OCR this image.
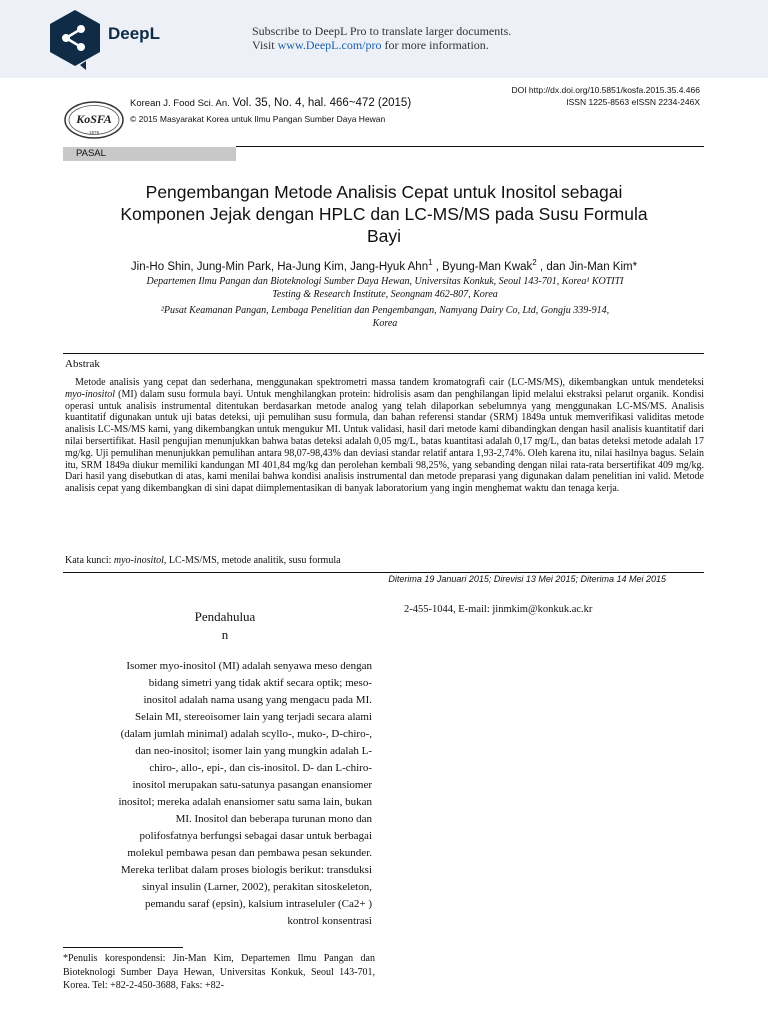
DeepL	Subscribe to DeepL Pro to translate larger documents.
Visit www.DeepL.com/pro for more information.
DOI http://dx.doi.org/10.5851/kosfa.2015.35.4.466
ISSN 1225-8563 eISSN 2234-246X
KoSFA
1978
Korean J. Food Sci. An. Vol. 35, No. 4, hal. 466~472 (2015)
© 2015 Masyarakat Korea untuk Ilmu Pangan Sumber Daya Hewan
PASAL
Pengembangan Metode Analisis Cepat untuk Inositol sebagai
Komponen Jejak dengan HPLC dan LC-MS/MS pada Susu Formula
Bayi
Jin-Ho Shin, Jung-Min Park, Ha-Jung Kim, Jang-Hyuk Ahn$^1$ , Byung-Man Kwak$^2$ , dan Jin-Man Kim*
Departemen Ilmu Pangan dan Bioteknologi Sumber Daya Hewan, Universitas Konkuk, Seoul 143-701, Korea¹ KOTITI
Testing & Research Institute, Seongnam 462-807, Korea
²Pusat Keamanan Pangan, Lembaga Penelitian dan Pengembangan, Namyang Dairy Co, Ltd, Gongju 339-914,
Korea
Abstrak
Metode analisis yang cepat dan sederhana, menggunakan spektrometri massa tandem kromatografi cair (LC-MS/MS), dikembangkan untuk mendeteksi myo-inositol (MI) dalam susu formula bayi. Untuk menghilangkan protein: hidrolisis asam dan penghilangan lipid melalui ekstraksi pelarut organik. Kondisi operasi untuk analisis instrumental ditentukan berdasarkan metode analog yang telah dilaporkan sebelumnya yang menggunakan LC-MS/MS. Analisis kuantitatif digunakan untuk uji batas deteksi, uji pemulihan susu formula, dan bahan referensi standar (SRM) 1849a untuk memverifikasi validitas metode analisis LC-MS/MS kami, yang dikembangkan untuk mengukur MI. Untuk validasi, hasil dari metode kami dibandingkan dengan hasil analisis kuantitatif dari nilai bersertifikat. Hasil pengujian menunjukkan bahwa batas deteksi adalah 0,05 mg/L, batas kuantitasi adalah 0,17 mg/L, dan batas deteksi metode adalah 17 mg/kg. Uji pemulihan menunjukkan pemulihan antara 98,07-98,43% dan deviasi standar relatif antara 1,93-2,74%. Oleh karena itu, nilai hasilnya bagus. Selain itu, SRM 1849a diukur memiliki kandungan MI 401,84 mg/kg dan perolehan kembali 98,25%, yang sebanding dengan nilai rata-rata bersertifikat 409 mg/kg. Dari hasil yang disebutkan di atas, kami menilai bahwa kondisi analisis instrumental dan metode preparasi yang digunakan dalam penelitian ini valid. Metode analisis cepat yang dikembangkan di sini dapat diimplementasikan di banyak laboratorium yang ingin menghemat waktu dan tenaga kerja.
Kata kunci: myo-inositol, LC-MS/MS, metode analitik, susu formula
Diterima 19 Januari 2015; Direvisi 13 Mei 2015; Diterima 14 Mei 2015
Pendahulua
n
Isomer myo-inositol (MI) adalah senyawa meso dengan
bidang simetri yang tidak aktif secara optik; meso-
inositol adalah nama usang yang mengacu pada MI.
Selain MI, stereoisomer lain yang terjadi secara alami
(dalam jumlah minimal) adalah scyllo-, muko-, D-chiro-,
dan neo-inositol; isomer lain yang mungkin adalah L-
chiro-, allo-, epi-, dan cis-inositol. D- dan L-chiro-
inositol merupakan satu-satunya pasangan enansiomer
inositol; mereka adalah enansiomer satu sama lain, bukan
MI. Inositol dan beberapa turunan mono dan
polifosfatnya berfungsi sebagai dasar untuk berbagai
molekul pembawa pesan dan pembawa pesan sekunder.
Mereka terlibat dalam proses biologis berikut: transduksi
sinyal insulin (Larner, 2002), perakitan sitoskeleton,
pemandu saraf (epsin), kalsium intraseluler (Ca2+ )
kontrol konsentrasi
2-455-1044, E-mail: jinmkim@konkuk.ac.kr
*Penulis korespondensi: Jin-Man Kim, Departemen Ilmu Pangan dan Bioteknologi Sumber Daya Hewan, Universitas Konkuk, Seoul 143-701, Korea. Tel: +82-2-450-3688, Faks: +82-
